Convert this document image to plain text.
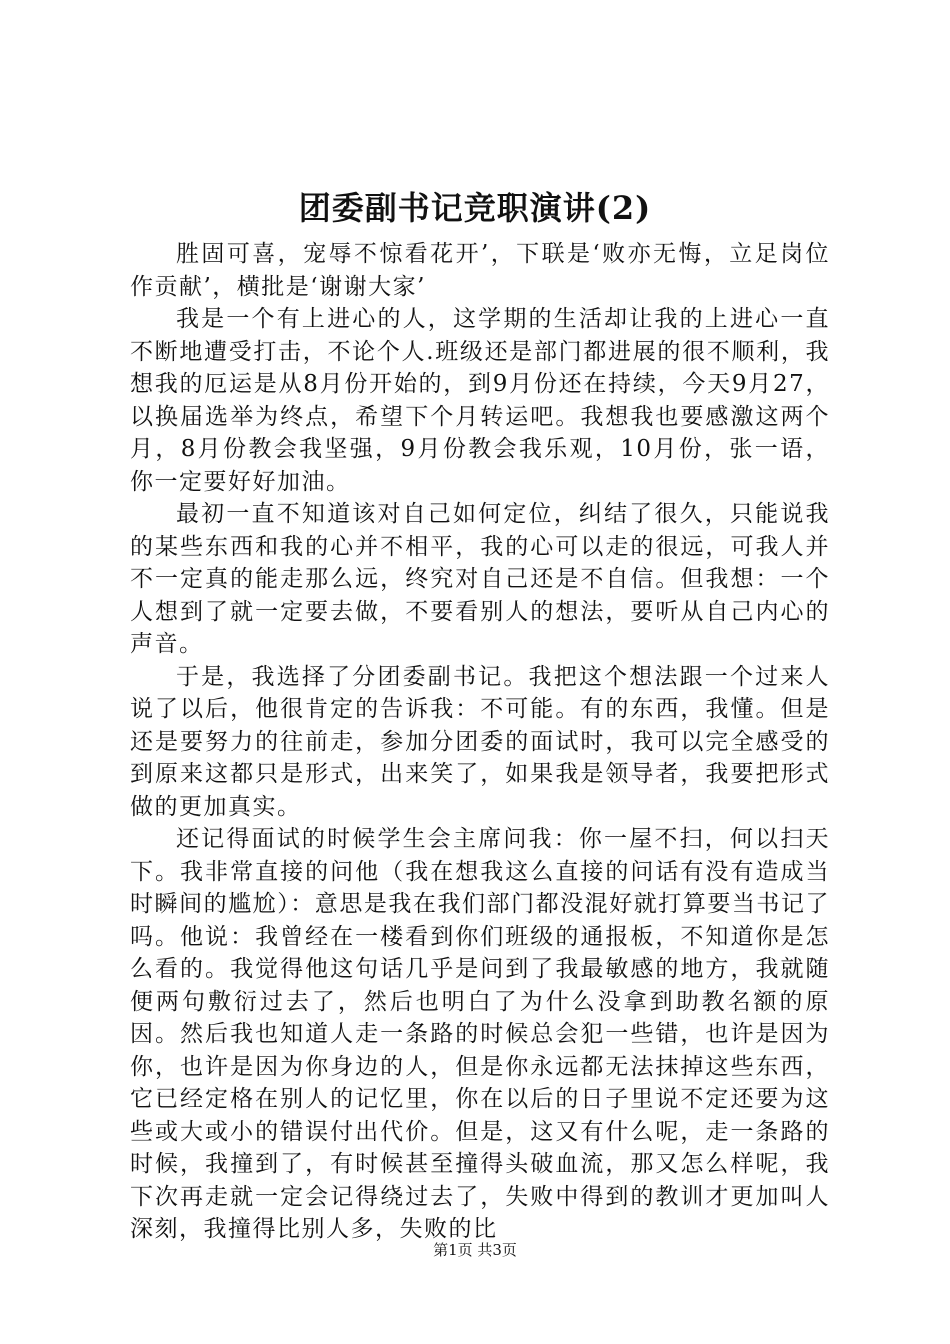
团委副书记竞职演讲(2)

胜固可喜，宠辱不惊看花开’，下联是‘败亦无悔，立足岗位作贡献’，横批是‘谢谢大家’

我是一个有上进心的人，这学期的生活却让我的上进心一直不断地遭受打击，不论个人.班级还是部门都进展的很不顺利，我想我的厄运是从8月份开始的，到9月份还在持续，今天9月27，以换届选举为终点，希望下个月转运吧。我想我也要感激这两个月，8月份教会我坚强，9月份教会我乐观，10月份，张一语，你一定要好好加油。

最初一直不知道该对自己如何定位，纠结了很久，只能说我的某些东西和我的心并不相平，我的心可以走的很远，可我人并不一定真的能走那么远，终究对自己还是不自信。但我想：一个人想到了就一定要去做，不要看别人的想法，要听从自己内心的声音。

于是，我选择了分团委副书记。我把这个想法跟一个过来人说了以后，他很肯定的告诉我：不可能。有的东西，我懂。但是还是要努力的往前走，参加分团委的面试时，我可以完全感受的到原来这都只是形式，出来笑了，如果我是领导者，我要把形式做的更加真实。

还记得面试的时候学生会主席问我：你一屋不扫，何以扫天下。我非常直接的问他（我在想我这么直接的问话有没有造成当时瞬间的尴尬）：意思是我在我们部门都没混好就打算要当书记了吗。他说：我曾经在一楼看到你们班级的通报板，不知道你是怎么看的。我觉得他这句话几乎是问到了我最敏感的地方，我就随便两句敷衍过去了，然后也明白了为什么没拿到助教名额的原因。然后我也知道人走一条路的时候总会犯一些错，也许是因为你，也许是因为你身边的人，但是你永远都无法抹掉这些东西，它已经定格在别人的记忆里，你在以后的日子里说不定还要为这些或大或小的错误付出代价。但是，这又有什么呢，走一条路的时候，我撞到了，有时候甚至撞得头破血流，那又怎么样呢，我下次再走就一定会记得绕过去了，失败中得到的教训才更加叫人深刻，我撞得比别人多，失败的比

第1页 共3页
